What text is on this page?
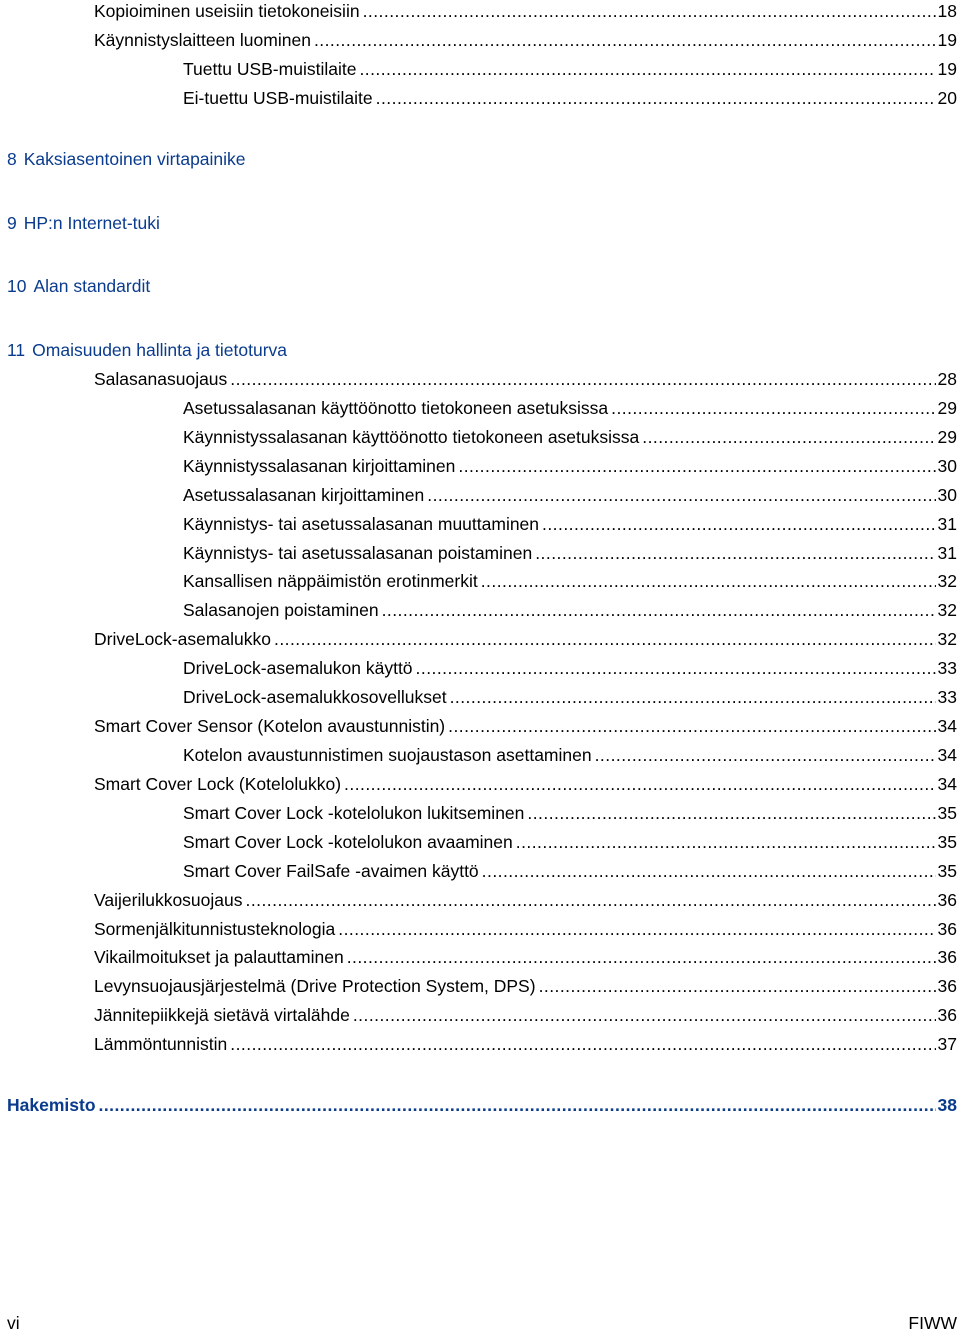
Kopioiminen useisiin tietokoneisiin . . .	18
Käynnistyslaitteen luominen . . .	19
Tuettu USB-muistilaite . . .	19
Ei-tuettu USB-muistilaite . . .	20
8 Kaksiasentoinen virtapainike
9 HP:n Internet-tuki
10 Alan standardit
11 Omaisuuden hallinta ja tietoturva
Salasanasuojaus . . .	28
Asetussalasanan käyttöönotto tietokoneen asetuksissa . . .	29
Käynnistyssalasanan käyttöönotto tietokoneen asetuksissa . . .	29
Käynnistyssalasanan kirjoittaminen . . .	30
Asetussalasanan kirjoittaminen . . .	30
Käynnistys- tai asetussalasanan muuttaminen . . .	31
Käynnistys- tai asetussalasanan poistaminen . . .	31
Kansallisen näppäimistön erotinmerkit . . .	32
Salasanojen poistaminen . . .	32
DriveLock-asemalukko . . .	32
DriveLock-asemalukon käyttö . . .	33
DriveLock-asemalukkosovellukset . . .	33
Smart Cover Sensor (Kotelon avaustunnistin) . . .	34
Kotelon avaustunnistimen suojaustason asettaminen . . .	34
Smart Cover Lock (Kotelolukko) . . .	34
Smart Cover Lock -kotelolukon lukitseminen . . .	35
Smart Cover Lock -kotelolukon avaaminen . . .	35
Smart Cover FailSafe -avaimen käyttö . . .	35
Vaijerilukkosuojaus . . .	36
Sormenjälkitunnistusteknologia . . .	36
Vikailmoitukset ja palauttaminen . . .	36
Levynsuojausjärjestelmä (Drive Protection System, DPS) . . .	36
Jännitepiikkejä sietävä virtalähde . . .	36
Lämmöntunnistin . . .	37
Hakemisto . . .	38
vi	FIWW
